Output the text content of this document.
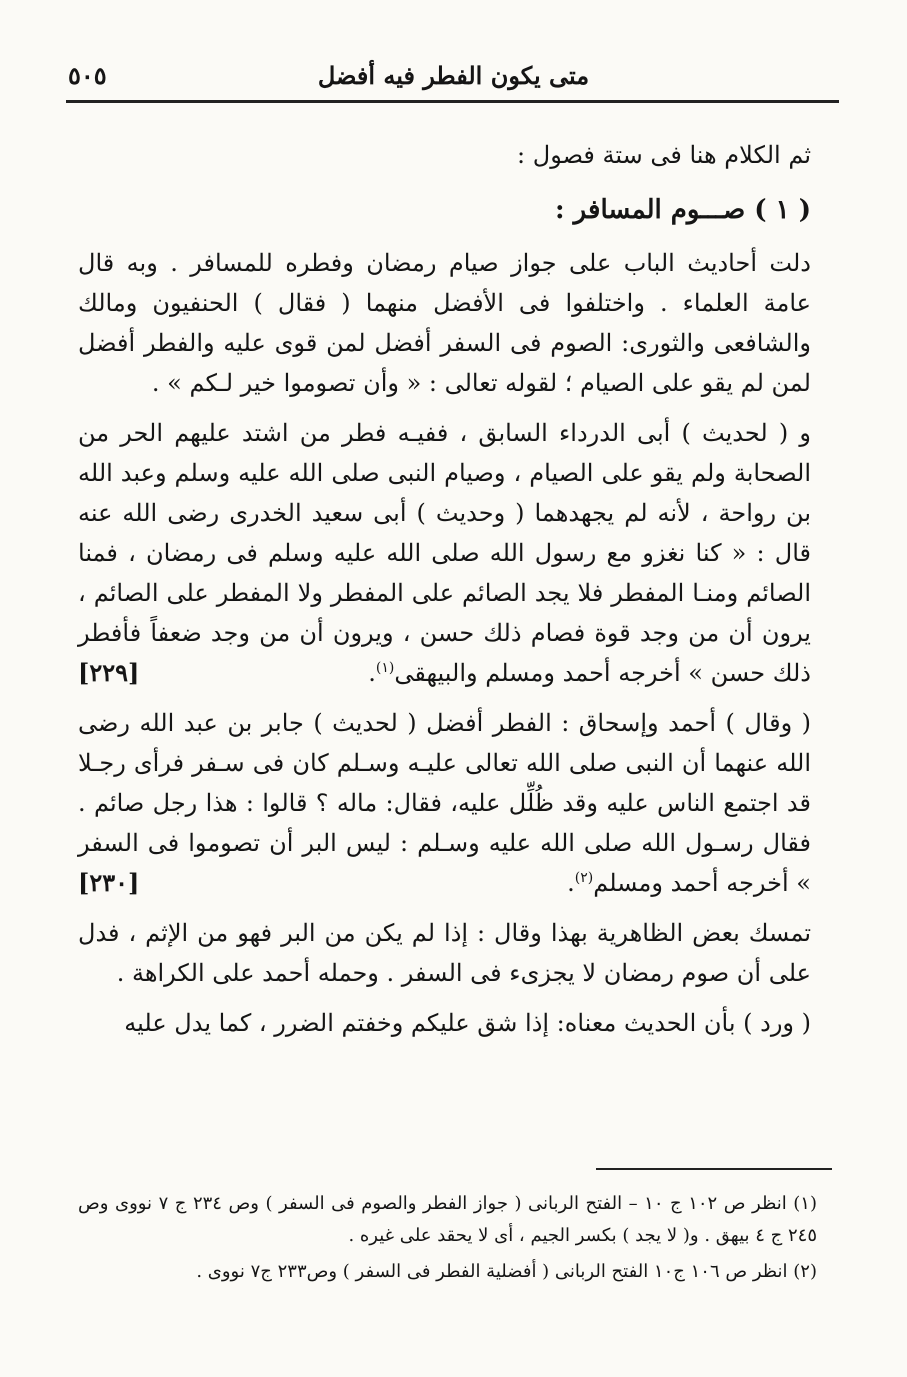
متى يكون الفطر فيه أفضل
٥٠٥

ثم الكلام هنا فى ستة فصول :

( ١ ) صـــوم المسافر :

دلت أحاديث الباب على جواز صيام رمضان وفطره للمسافر . وبه قال عامة العلماء . واختلفوا فى الأفضل منهما ( فقال ) الحنفيون ومالك والشافعى والثورى: الصوم فى السفر أفضل لمن قوى عليه والفطر أفضل لمن لم يقو على الصيام ؛ لقوله تعالى : « وأن تصوموا خير لـكم » .

و ( لحديث ) أبى الدرداء السابق ، ففيـه فطر من اشتد عليهم الحر من الصحابة ولم يقو على الصيام ، وصيام النبى صلى الله عليه وسلم وعبد الله بن رواحة ، لأنه لم يجهدهما ( وحديث ) أبى سعيد الخدرى رضى الله عنه قال : « كنا نغزو مع رسول الله صلى الله عليه وسلم فى رمضان ، فمنا الصائم ومنـا المفطر فلا يجد الصائم على المفطر ولا المفطر على الصائم ، يرون أن من وجد قوة فصام ذلك حسن ، ويرون أن من وجد ضعفاً فأفطر ذلك حسن » أخرجه أحمد ومسلم والبيهقى$^{(١)}$.
[٢٢٩]

( وقال ) أحمد وإسحاق : الفطر أفضل ( لحديث ) جابر بن عبد الله رضى الله عنهما أن النبى صلى الله تعالى عليـه وسـلم كان فى سـفر فرأى رجـلا قد اجتمع الناس عليه وقد ظُلِّل عليه، فقال: ماله ؟ قالوا : هذا رجل صائم . فقال رسـول الله صلى الله عليه وسـلم : ليس البر أن تصوموا فى السفر » أخرجه أحمد ومسلم$^{(٢)}$.
[٢٣٠]

تمسك بعض الظاهرية بهذا وقال : إذا لم يكن من البر فهو من الإثم ، فدل على أن صوم رمضان لا يجزىء فى السفر . وحمله أحمد على الكراهة .

( ورد ) بأن الحديث معناه: إذا شق عليكم وخفتم الضرر ، كما يدل عليه

(١) انظر ص ١٠٢ ج ١٠ – الفتح الربانى ( جواز الفطر والصوم فى السفر ) وص ٢٣٤ ج ٧ نووى وص ٢٤٥ ج ٤ بيهق . و( لا يجد ) بكسر الجيم ، أى لا يحقد على غيره .

(٢) انظر ص ١٠٦ ج١٠ الفتح الربانى ( أفضلية الفطر فى السفر ) وص٢٣٣ ج٧ نووى .
